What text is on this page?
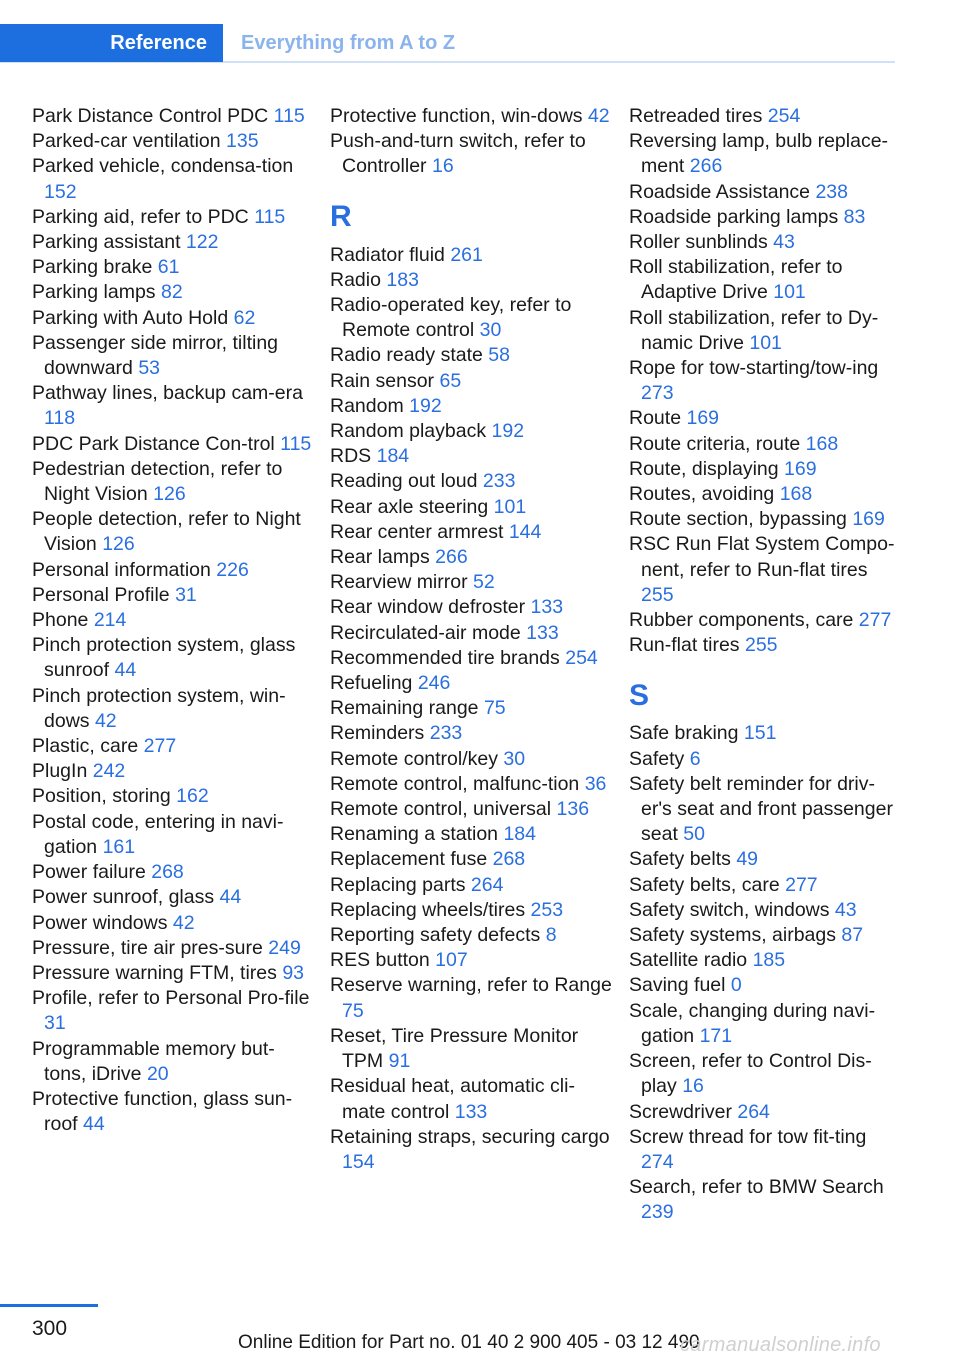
Reference	Everything from A to Z

Park Distance Control PDC 115

Parked-car ventilation 135

Parked vehicle, condensa-tion 152

Parking aid, refer to PDC 115

Parking assistant 122

Parking brake 61

Parking lamps 82

Parking with Auto Hold 62

Passenger side mirror, tilting downward 53

Pathway lines, backup cam-era 118

PDC Park Distance Con-trol 115

Pedestrian detection, refer to Night Vision 126

People detection, refer to Night Vision 126

Personal information 226

Personal Profile 31

Phone 214

Pinch protection system, glass sunroof 44

Pinch protection system, win-dows 42

Plastic, care 277

PlugIn 242

Position, storing 162

Postal code, entering in navi-gation 161

Power failure 268

Power sunroof, glass 44

Power windows 42

Pressure, tire air pres-sure 249

Pressure warning FTM, tires 93

Profile, refer to Personal Pro-file 31

Programmable memory but-tons, iDrive 20

Protective function, glass sun-roof 44

Protective function, win-dows 42

Push-and-turn switch, refer to Controller 16

R

Radiator fluid 261

Radio 183

Radio-operated key, refer to Remote control 30

Radio ready state 58

Rain sensor 65

Random 192

Random playback 192

RDS 184

Reading out loud 233

Rear axle steering 101

Rear center armrest 144

Rear lamps 266

Rearview mirror 52

Rear window defroster 133

Recirculated-air mode 133

Recommended tire brands 254

Refueling 246

Remaining range 75

Reminders 233

Remote control/key 30

Remote control, malfunc-tion 36

Remote control, universal 136

Renaming a station 184

Replacement fuse 268

Replacing parts 264

Replacing wheels/tires 253

Reporting safety defects 8

RES button 107

Reserve warning, refer to Range 75

Reset, Tire Pressure Monitor TPM 91

Residual heat, automatic cli-mate control 133

Retaining straps, securing cargo 154

Retreaded tires 254

Reversing lamp, bulb replace-ment 266

Roadside Assistance 238

Roadside parking lamps 83

Roller sunblinds 43

Roll stabilization, refer to Adaptive Drive 101

Roll stabilization, refer to Dy-namic Drive 101

Rope for tow-starting/tow-ing 273

Route 169

Route criteria, route 168

Route, displaying 169

Routes, avoiding 168

Route section, bypassing 169

RSC Run Flat System Compo-nent, refer to Run-flat tires 255

Rubber components, care 277

Run-flat tires 255

S

Safe braking 151

Safety 6

Safety belt reminder for driv-er's seat and front passenger seat 50

Safety belts 49

Safety belts, care 277

Safety switch, windows 43

Safety systems, airbags 87

Satellite radio 185

Saving fuel 0

Scale, changing during navi-gation 171

Screen, refer to Control Dis-play 16

Screwdriver 264

Screw thread for tow fit-ting 274

Search, refer to BMW Search 239

300
Online Edition for Part no. 01 40 2 900 405 - 03 12 490
carmanualsonline.info
